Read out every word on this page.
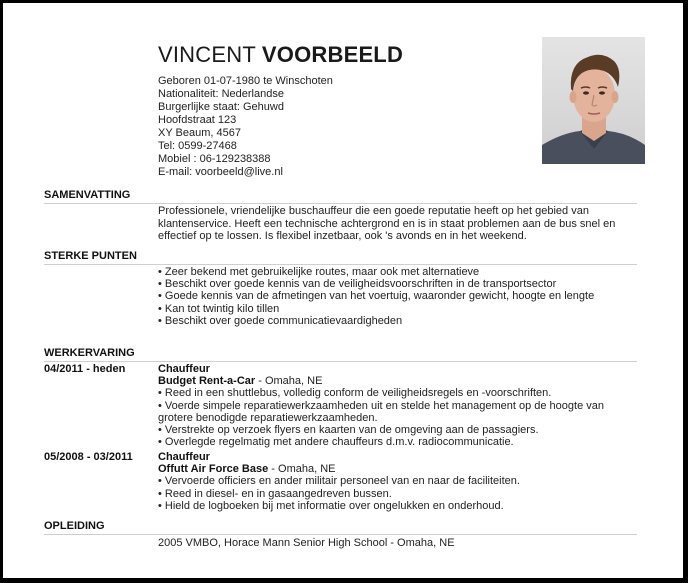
VINCENT VOORBEELD
Geboren 01-07-1980 te Winschoten
Nationaliteit: Nederlandse
Burgerlijke staat: Gehuwd
Hoofdstraat 123
XY Beaum, 4567
Tel: 0599-27468
Mobiel : 06-129238388
E-mail: voorbeeld@live.nl
SAMENVATTING
Professionele, vriendelijke buschauffeur die een goede reputatie heeft op het gebied van klantenservice. Heeft een technische achtergrond en is in staat problemen aan de bus snel en effectief op te lossen. Is flexibel inzetbaar, ook 's avonds en in het weekend.
STERKE PUNTEN
• Zeer bekend met gebruikelijke routes, maar ook met alternatieve
• Beschikt over goede kennis van de veiligheidsvoorschriften in de transportsector
• Goede kennis van de afmetingen van het voertuig, waaronder gewicht, hoogte en lengte
• Kan tot twintig kilo tillen
• Beschikt over goede communicatievaardigheden
WERKERVARING
04/2011 - heden	Chauffeur
Budget Rent-a-Car - Omaha, NE
• Reed in een shuttlebus, volledig conform de veiligheidsregels en -voorschriften.
• Voerde simpele reparatiewerkzaamheden uit en stelde het management op de hoogte van grotere benodigde reparatiewerkzaamheden.
• Verstrekte op verzoek flyers en kaarten van de omgeving aan de passagiers.
• Overlegde regelmatig met andere chauffeurs d.m.v. radiocommunicatie.
05/2008 - 03/2011 Chauffeur
Offutt Air Force Base - Omaha, NE
• Vervoerde officiers en ander militair personeel van en naar de faciliteiten.
• Reed in diesel- en in gasaangedreven bussen.
• Hield de logboeken bij met informatie over ongelukken en onderhoud.
OPLEIDING
2005 VMBO, Horace Mann Senior High School - Omaha, NE
